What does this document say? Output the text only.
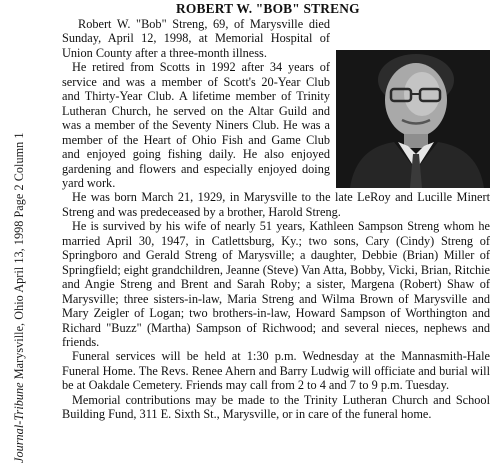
Journal-Tribune Marysville, Ohio April 13, 1998 Page 2 Column 1
ROBERT W. "BOB" STRENG

Robert W. "Bob" Streng, 69, of Marysville died Sunday, April 12, 1998, at Memorial Hospital of Union County after a three-month illness.

He retired from Scotts in 1992 after 34 years of service and was a member of Scott's 20-Year Club and Thirty-Year Club. A lifetime member of Trinity Lutheran Church, he served on the Altar Guild and was a member of the Seventy Niners Club. He was a member of the Heart of Ohio Fish and Game Club and enjoyed going fishing daily. He also enjoyed gardening and flowers and especially enjoyed doing yard work.

He was born March 21, 1929, in Marysville to the late LeRoy and Lucille Minert Streng and was predeceased by a brother, Harold Streng.

He is survived by his wife of nearly 51 years, Kathleen Sampson Streng whom he married April 30, 1947, in Catlettsburg, Ky.; two sons, Cary (Cindy) Streng of Springboro and Gerald Streng of Marysville; a daughter, Debbie (Brian) Miller of Springfield; eight grandchildren, Jeanne (Steve) Van Atta, Bobby, Vicki, Brian, Ritchie and Angie Streng and Brent and Sarah Roby; a sister, Margena (Robert) Shaw of Marysville; three sisters-in-law, Maria Streng and Wilma Brown of Marysville and Mary Zeigler of Logan; two brothers-in-law, Howard Sampson of Worthington and Richard "Buzz" (Martha) Sampson of Richwood; and several nieces, nephews and friends.

Funeral services will be held at 1:30 p.m. Wednesday at the Mannasmith-Hale Funeral Home. The Revs. Renee Ahern and Barry Ludwig will officiate and burial will be at Oakdale Cemetery. Friends may call from 2 to 4 and 7 to 9 p.m. Tuesday.

Memorial contributions may be made to the Trinity Lutheran Church and School Building Fund, 311 E. Sixth St., Marysville, or in care of the funeral home.
